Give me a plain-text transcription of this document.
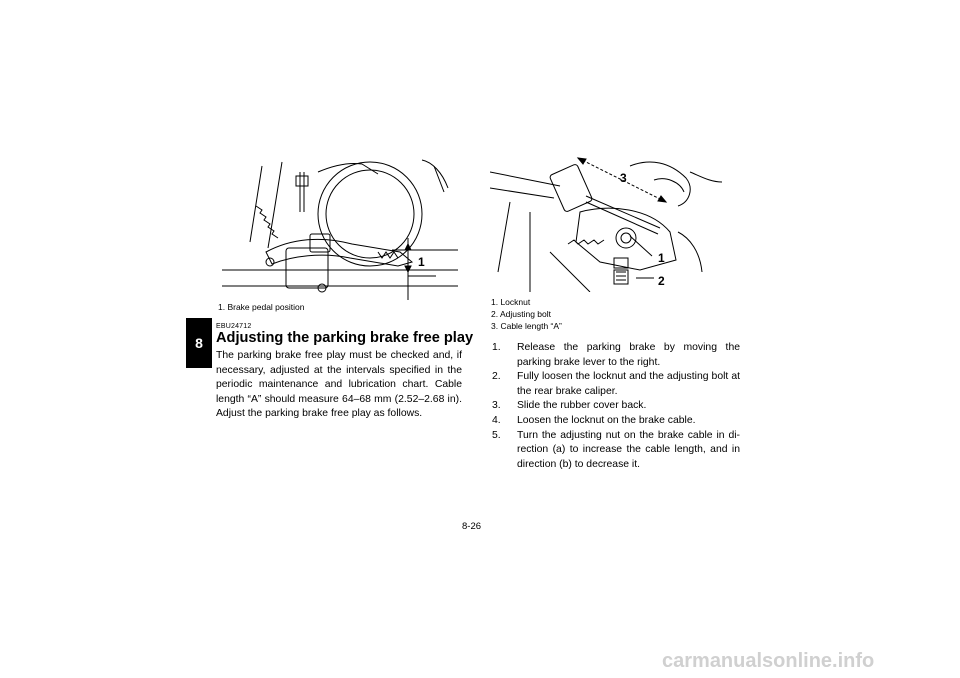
8
1
1. Brake pedal position
3
1
2
1. Locknut
2. Adjusting bolt
3. Cable length “A”
EBU24712
Adjusting the parking brake free play

The parking brake free play must be checked and, if necessary, adjusted at the intervals specified in the periodic maintenance and lubrication chart. Cable length “A” should measure 64–68 mm (2.52–2.68 in). Adjust the parking brake free play as follows.

1.	Release the parking brake by moving the parking brake lever to the right.
2.	Fully loosen the locknut and the adjusting bolt at the rear brake caliper.
3.	Slide the rubber cover back.
4.	Loosen the locknut on the brake cable.
5.	Turn the adjusting nut on the brake cable in di-rection (a) to increase the cable length, and in direction (b) to decrease it.
8-26
carmanualsonline.info
